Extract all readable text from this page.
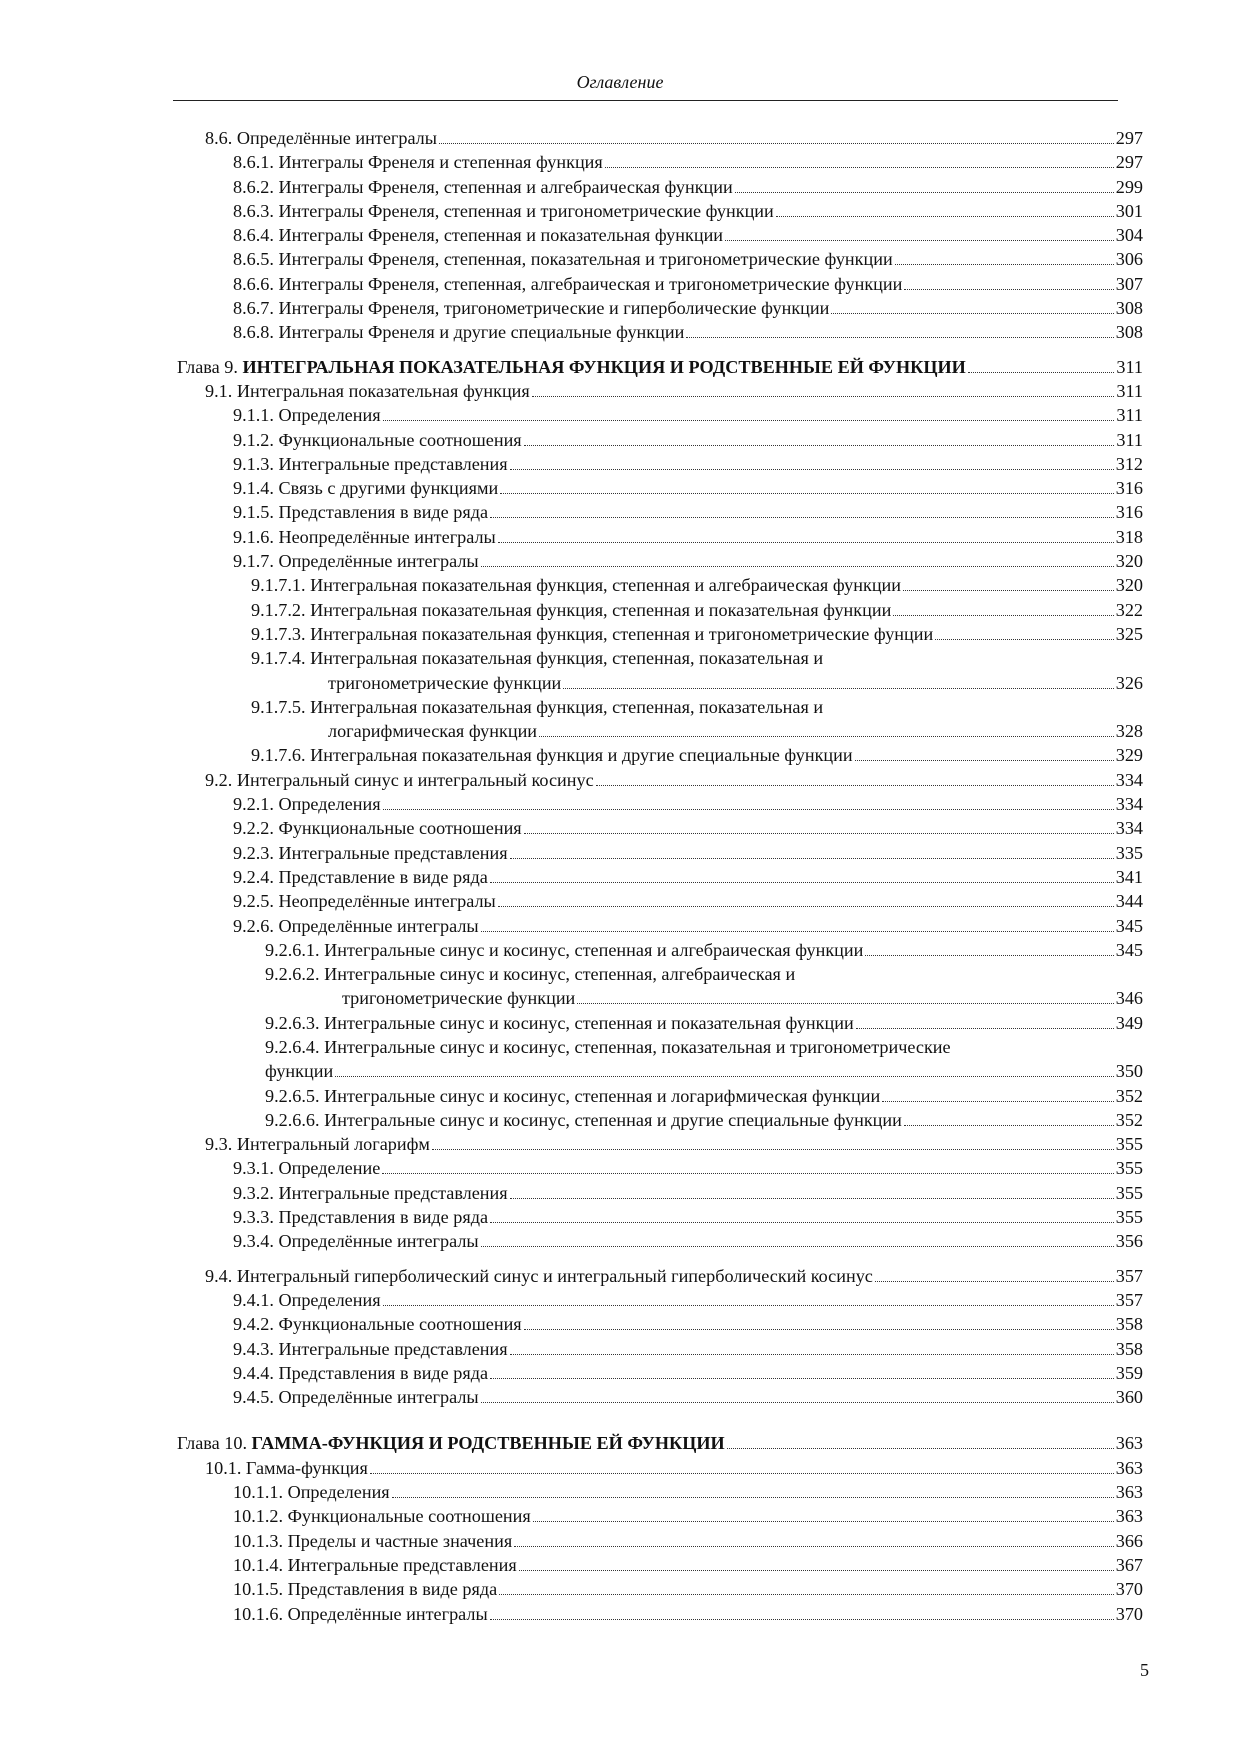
Оглавление
8.6. Определённые интегралы	297
8.6.1. Интегралы Френеля и степенная функция	297
8.6.2. Интегралы Френеля, степенная и алгебраическая функции	299
8.6.3. Интегралы Френеля, степенная и тригонометрические функции	301
8.6.4. Интегралы Френеля, степенная и показательная функции	304
8.6.5. Интегралы Френеля, степенная, показательная и тригонометрические функции	306
8.6.6. Интегралы Френеля, степенная, алгебраическая и тригонометрические функции	307
8.6.7. Интегралы Френеля, тригонометрические и гиперболические функции	308
8.6.8. Интегралы Френеля и другие специальные функции	308
Глава 9. ИНТЕГРАЛЬНАЯ ПОКАЗАТЕЛЬНАЯ ФУНКЦИЯ И РОДСТВЕННЫЕ ЕЙ ФУНКЦИИ	311
9.1. Интегральная показательная функция	311
9.1.1. Определения	311
9.1.2. Функциональные соотношения	311
9.1.3. Интегральные представления	312
9.1.4. Связь с другими функциями	316
9.1.5. Представления в виде ряда	316
9.1.6. Неопределённые интегралы	318
9.1.7. Определённые интегралы	320
9.1.7.1. Интегральная показательная функция, степенная и алгебраическая функции	320
9.1.7.2. Интегральная показательная функция, степенная и показательная функции	322
9.1.7.3. Интегральная показательная функция, степенная и тригонометрические фунции	325
9.1.7.4. Интегральная показательная функция, степенная, показательная и
тригонометрические функции	326
9.1.7.5. Интегральная показательная функция, степенная, показательная и
логарифмическая функции	328
9.1.7.6. Интегральная показательная функция и другие специальные функции	329
9.2. Интегральный синус и интегральный косинус	334
9.2.1. Определения	334
9.2.2. Функциональные соотношения	334
9.2.3. Интегральные представления	335
9.2.4. Представление в виде ряда	341
9.2.5. Неопределённые интегралы	344
9.2.6. Определённые интегралы	345
9.2.6.1. Интегральные синус и косинус, степенная и алгебраическая функции	345
9.2.6.2. Интегральные синус и косинус, степенная, алгебраическая и
тригонометрические функции	346
9.2.6.3. Интегральные синус и косинус, степенная и показательная функции	349
9.2.6.4. Интегральные синус и косинус, степенная, показательная и тригонометрические
функции	350
9.2.6.5. Интегральные синус и косинус, степенная и логарифмическая функции	352
9.2.6.6. Интегральные синус и косинус, степенная и другие специальные функции	352
9.3. Интегральный логарифм	355
9.3.1. Определение	355
9.3.2. Интегральные представления	355
9.3.3. Представления в виде ряда	355
9.3.4. Определённые интегралы	356
9.4. Интегральный гиперболический синус и интегральный гиперболический косинус	357
9.4.1. Определения	357
9.4.2. Функциональные соотношения	358
9.4.3. Интегральные представления	358
9.4.4. Представления в виде ряда	359
9.4.5. Определённые интегралы	360
Глава 10. ГАММА-ФУНКЦИЯ И РОДСТВЕННЫЕ ЕЙ ФУНКЦИИ	363
10.1. Гамма-функция	363
10.1.1. Определения	363
10.1.2. Функциональные соотношения	363
10.1.3. Пределы и частные значения	366
10.1.4. Интегральные представления	367
10.1.5. Представления в виде ряда	370
10.1.6. Определённые интегралы	370
5
